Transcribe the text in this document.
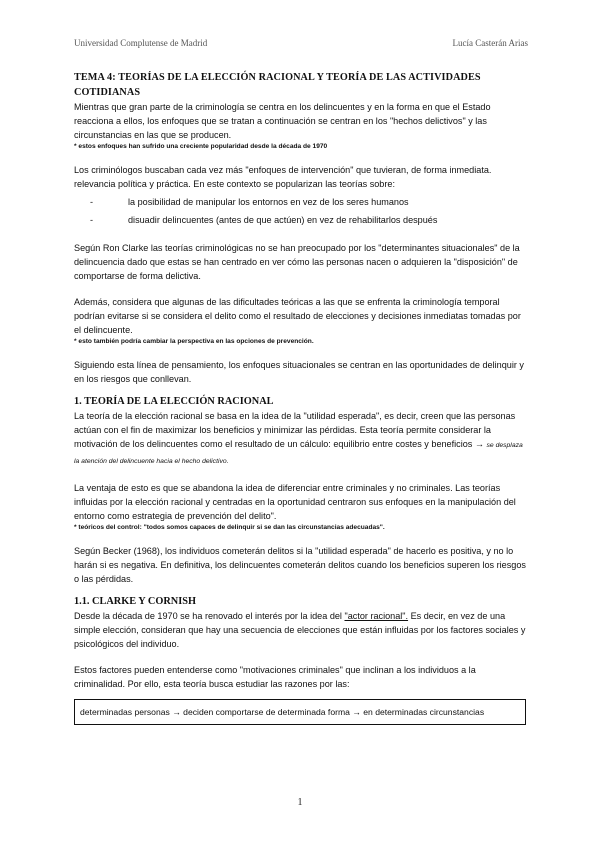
Universidad Complutense de Madrid	Lucía Casterán Arias
TEMA 4: TEORÍAS DE LA ELECCIÓN RACIONAL Y TEORÍA DE LAS ACTIVIDADES COTIDIANAS

Mientras que gran parte de la criminología se centra en los delincuentes y en la forma en que el Estado reacciona a ellos, los enfoques que se tratan a continuación se centran en los "hechos delictivos" y las circunstancias en las que se producen.

* estos enfoques han sufrido una creciente popularidad desde la década de 1970

Los criminólogos buscaban cada vez más "enfoques de intervención" que tuvieran, de forma inmediata. relevancia política y práctica. En este contexto se popularizan las teorías sobre:

-	la posibilidad de manipular los entornos en vez de los seres humanos
-	disuadir delincuentes (antes de que actúen) en vez de rehabilitarlos después

Según Ron Clarke las teorías criminológicas no se han preocupado por los "determinantes situacionales" de la delincuencia dado que estas se han centrado en ver cómo las personas nacen o adquieren la "disposición" de comportarse de forma delictiva.

Además, considera que algunas de las dificultades teóricas a las que se enfrenta la criminología temporal podrían evitarse si se considera el delito como el resultado de elecciones y decisiones inmediatas tomadas por el delincuente.

* esto también podría cambiar la perspectiva en las opciones de prevención.

Siguiendo esta línea de pensamiento, los enfoques situacionales se centran en las oportunidades de delinquir y en los riesgos que conllevan.

1. TEORÍA DE LA ELECCIÓN RACIONAL

La teoría de la elección racional se basa en la idea de la "utilidad esperada", es decir, creen que las personas actúan con el fin de maximizar los beneficios y minimizar las pérdidas. Esta teoría permite considerar la motivación de los delincuentes como el resultado de un cálculo: equilibrio entre costes y beneficios → se desplaza la atención del delincuente hacia el hecho delictivo.

La ventaja de esto es que se abandona la idea de diferenciar entre criminales y no criminales. Las teorías influidas por la elección racional y centradas en la oportunidad centraron sus enfoques en la manipulación del entorno como estrategia de prevención del delito".

* teóricos del control: "todos somos capaces de delinquir si se dan las circunstancias adecuadas".

Según Becker (1968), los individuos cometerán delitos si la "utilidad esperada" de hacerlo es positiva, y no lo harán si es negativa. En definitiva, los delincuentes cometerán delitos cuando los beneficios superen los riesgos o las pérdidas.

1.1. CLARKE Y CORNISH

Desde la década de 1970 se ha renovado el interés por la idea del "actor racional". Es decir, en vez de una simple elección, consideran que hay una secuencia de elecciones que están influidas por los factores sociales y psicológicos del individuo.

Estos factores pueden entenderse como "motivaciones criminales" que inclinan a los individuos a la criminalidad. Por ello, esta teoría busca estudiar las razones por las:

determinadas personas → deciden comportarse de determinada forma → en determinadas circunstancias
1
